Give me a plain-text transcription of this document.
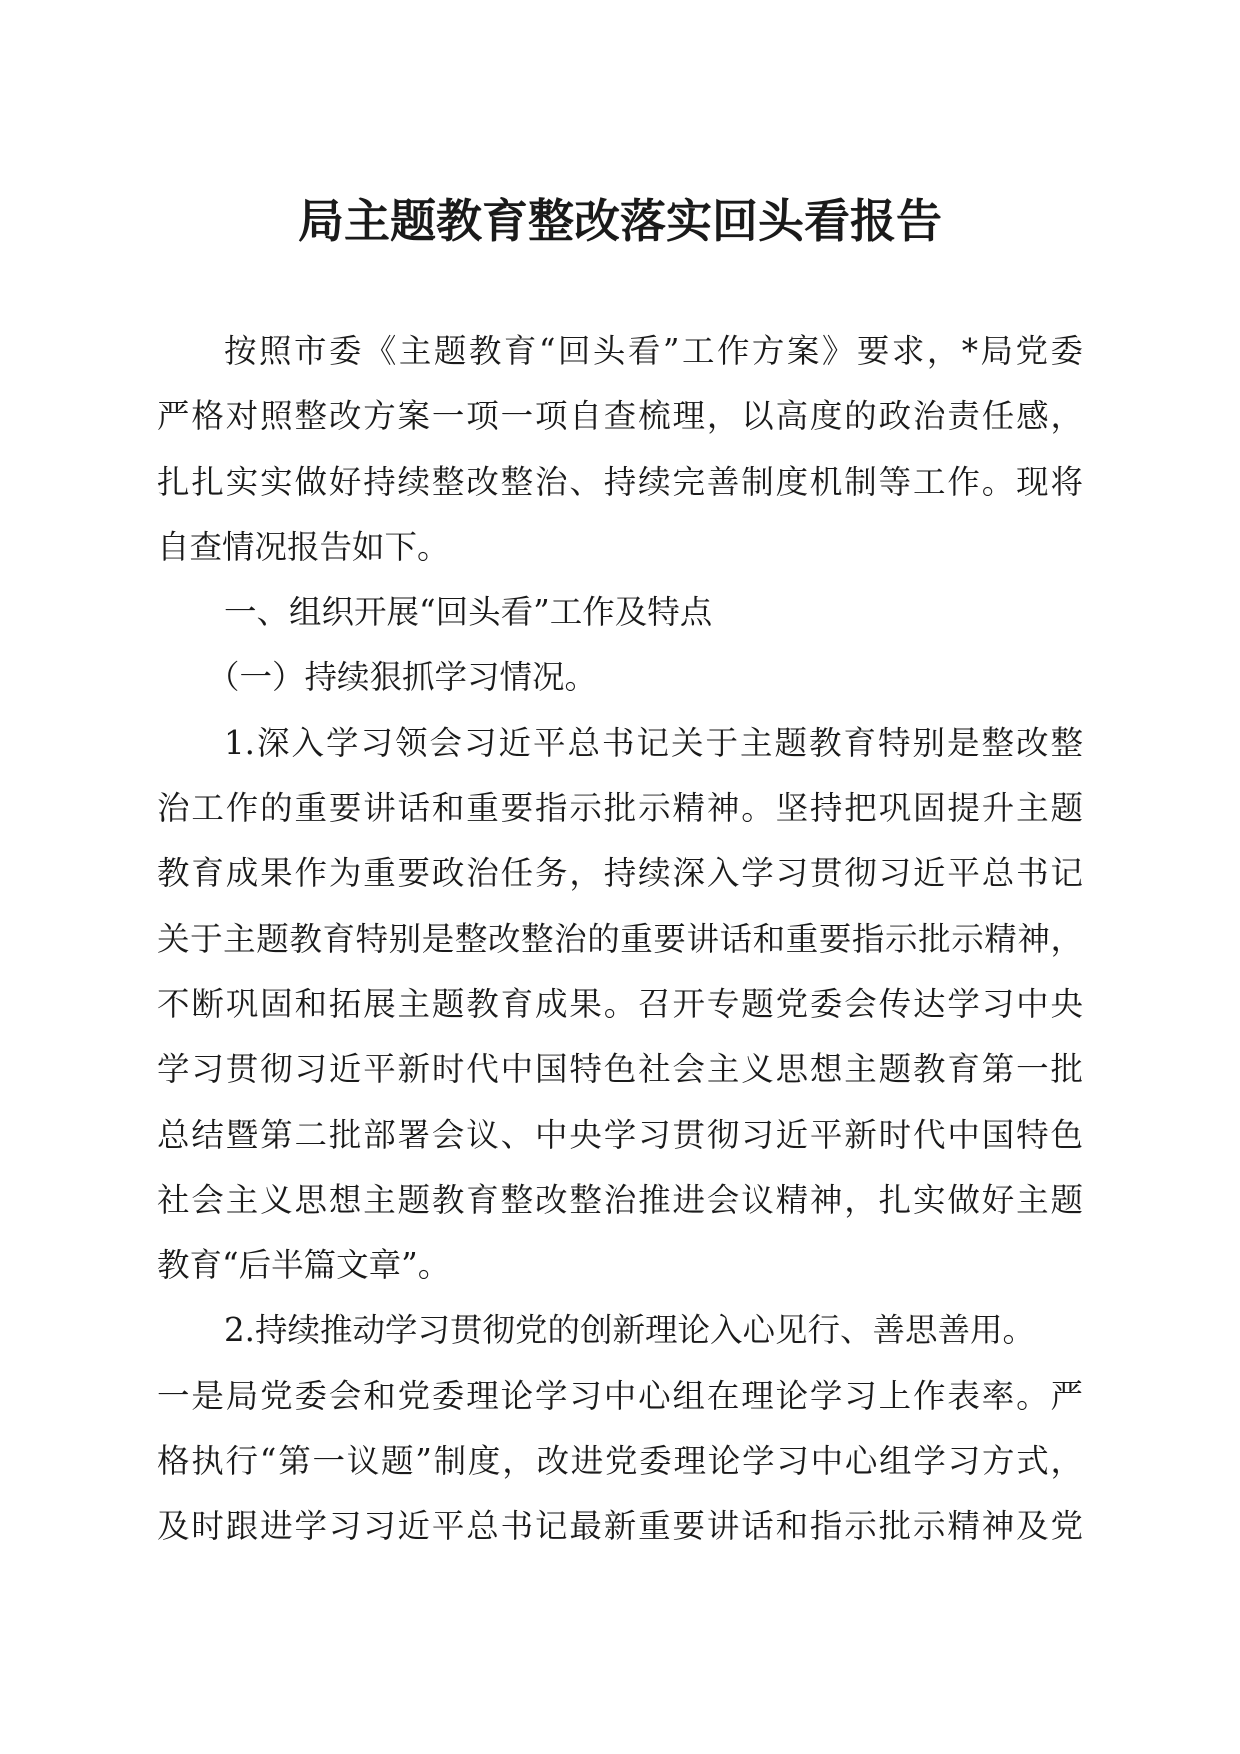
局主题教育整改落实回头看报告
按照市委《主题教育“回头看”工作方案》要求，*局党委
严格对照整改方案一项一项自查梳理，以高度的政治责任感，
扎扎实实做好持续整改整治、持续完善制度机制等工作。现将
自查情况报告如下。
一、组织开展“回头看”工作及特点
（一）持续狠抓学习情况。
1.深入学习领会习近平总书记关于主题教育特别是整改整
治工作的重要讲话和重要指示批示精神。坚持把巩固提升主题
教育成果作为重要政治任务，持续深入学习贯彻习近平总书记
关于主题教育特别是整改整治的重要讲话和重要指示批示精神，
不断巩固和拓展主题教育成果。召开专题党委会传达学习中央
学习贯彻习近平新时代中国特色社会主义思想主题教育第一批
总结暨第二批部署会议、中央学习贯彻习近平新时代中国特色
社会主义思想主题教育整改整治推进会议精神，扎实做好主题
教育“后半篇文章”。
2.持续推动学习贯彻党的创新理论入心见行、善思善用。
一是局党委会和党委理论学习中心组在理论学习上作表率。严
格执行“第一议题”制度，改进党委理论学习中心组学习方式，
及时跟进学习习近平总书记最新重要讲话和指示批示精神及党
